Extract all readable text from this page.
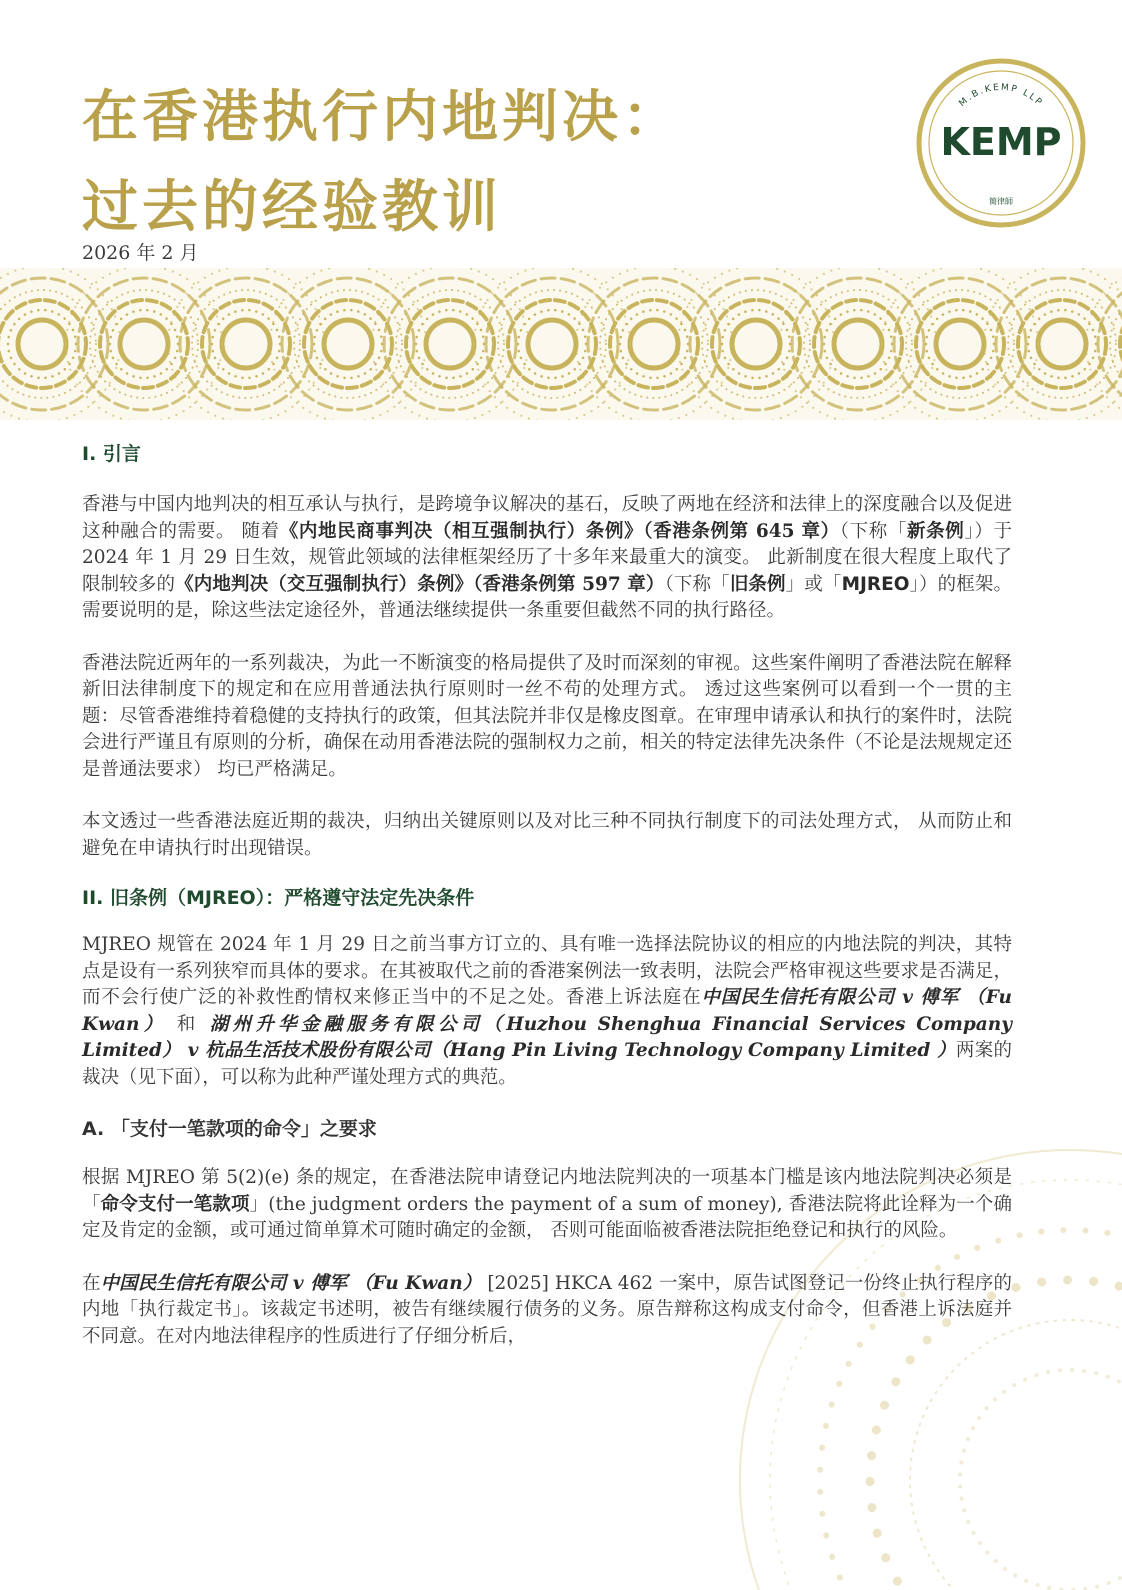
在香港执行内地判决：
过去的经验教训
M.B.KEMP LLP
KEMP
簡律師
2026 年 2 月
I. 引言

香港与中国内地判决的相互承认与执行，是跨境争议解决的基石，反映了两地在经济和法律上的深度融合以及促进这种融合的需要。 随着《内地民商事判决（相互强制执行）条例》（香港条例第 645 章）（下称「新条例」）于 2024 年 1 月 29 日生效，规管此领域的法律框架经历了十多年来最重大的演变。 此新制度在很大程度上取代了限制较多的《内地判决（交互强制执行）条例》（香港条例第 597 章）（下称「旧条例」或「MJREO」）的框架。需要说明的是，除这些法定途径外，普通法继续提供一条重要但截然不同的执行路径。

香港法院近两年的一系列裁决，为此一不断演变的格局提供了及时而深刻的审视。这些案件阐明了香港法院在解释新旧法律制度下的规定和在应用普通法执行原则时一丝不苟的处理方式。 透过这些案例可以看到一个一贯的主题：尽管香港维持着稳健的支持执行的政策，但其法院并非仅是橡皮图章。在审理申请承认和执行的案件时，法院会进行严谨且有原则的分析，确保在动用香港法院的强制权力之前，相关的特定法律先决条件（不论是法规规定还是普通法要求） 均已严格满足。

本文透过一些香港法庭近期的裁决，归纳出关键原则以及对比三种不同执行制度下的司法处理方式， 从而防止和避免在申请执行时出现错误。

II. 旧条例（MJREO）：严格遵守法定先决条件

MJREO 规管在 2024 年 1 月 29 日之前当事方订立的、具有唯一选择法院协议的相应的内地法院的判决，其特点是设有一系列狭窄而具体的要求。在其被取代之前的香港案例法一致表明，法院会严格审视这些要求是否满足，而不会行使广泛的补救性酌情权来修正当中的不足之处。香港上诉法庭在中国民生信托有限公司 v 傅军 （Fu Kwan） 和 湖州升华金融服务有限公司（Huzhou Shenghua Financial Services Company Limited） v 杭品生活技术股份有限公司（Hang Pin Living Technology Company Limited ）两案的裁决（见下面），可以称为此种严谨处理方式的典范。

A. 「支付一笔款项的命令」之要求

根据 MJREO 第 5(2)(e) 条的规定，在香港法院申请登记内地法院判决的一项基本门槛是该内地法院判决必须是「命令支付一笔款项」(the judgment orders the payment of a sum of money), 香港法院将此诠释为一个确定及肯定的金额，或可通过简单算术可随时确定的金额， 否则可能面临被香港法院拒绝登记和执行的风险。

在中国民生信托有限公司 v 傅军 （Fu Kwan） [2025] HKCA 462 一案中，原告试图登记一份终止执行程序的内地「执行裁定书」。该裁定书述明，被告有继续履行债务的义务。原告辩称这构成支付命令，但香港上诉法庭并不同意。在对内地法律程序的性质进行了仔细分析后，
